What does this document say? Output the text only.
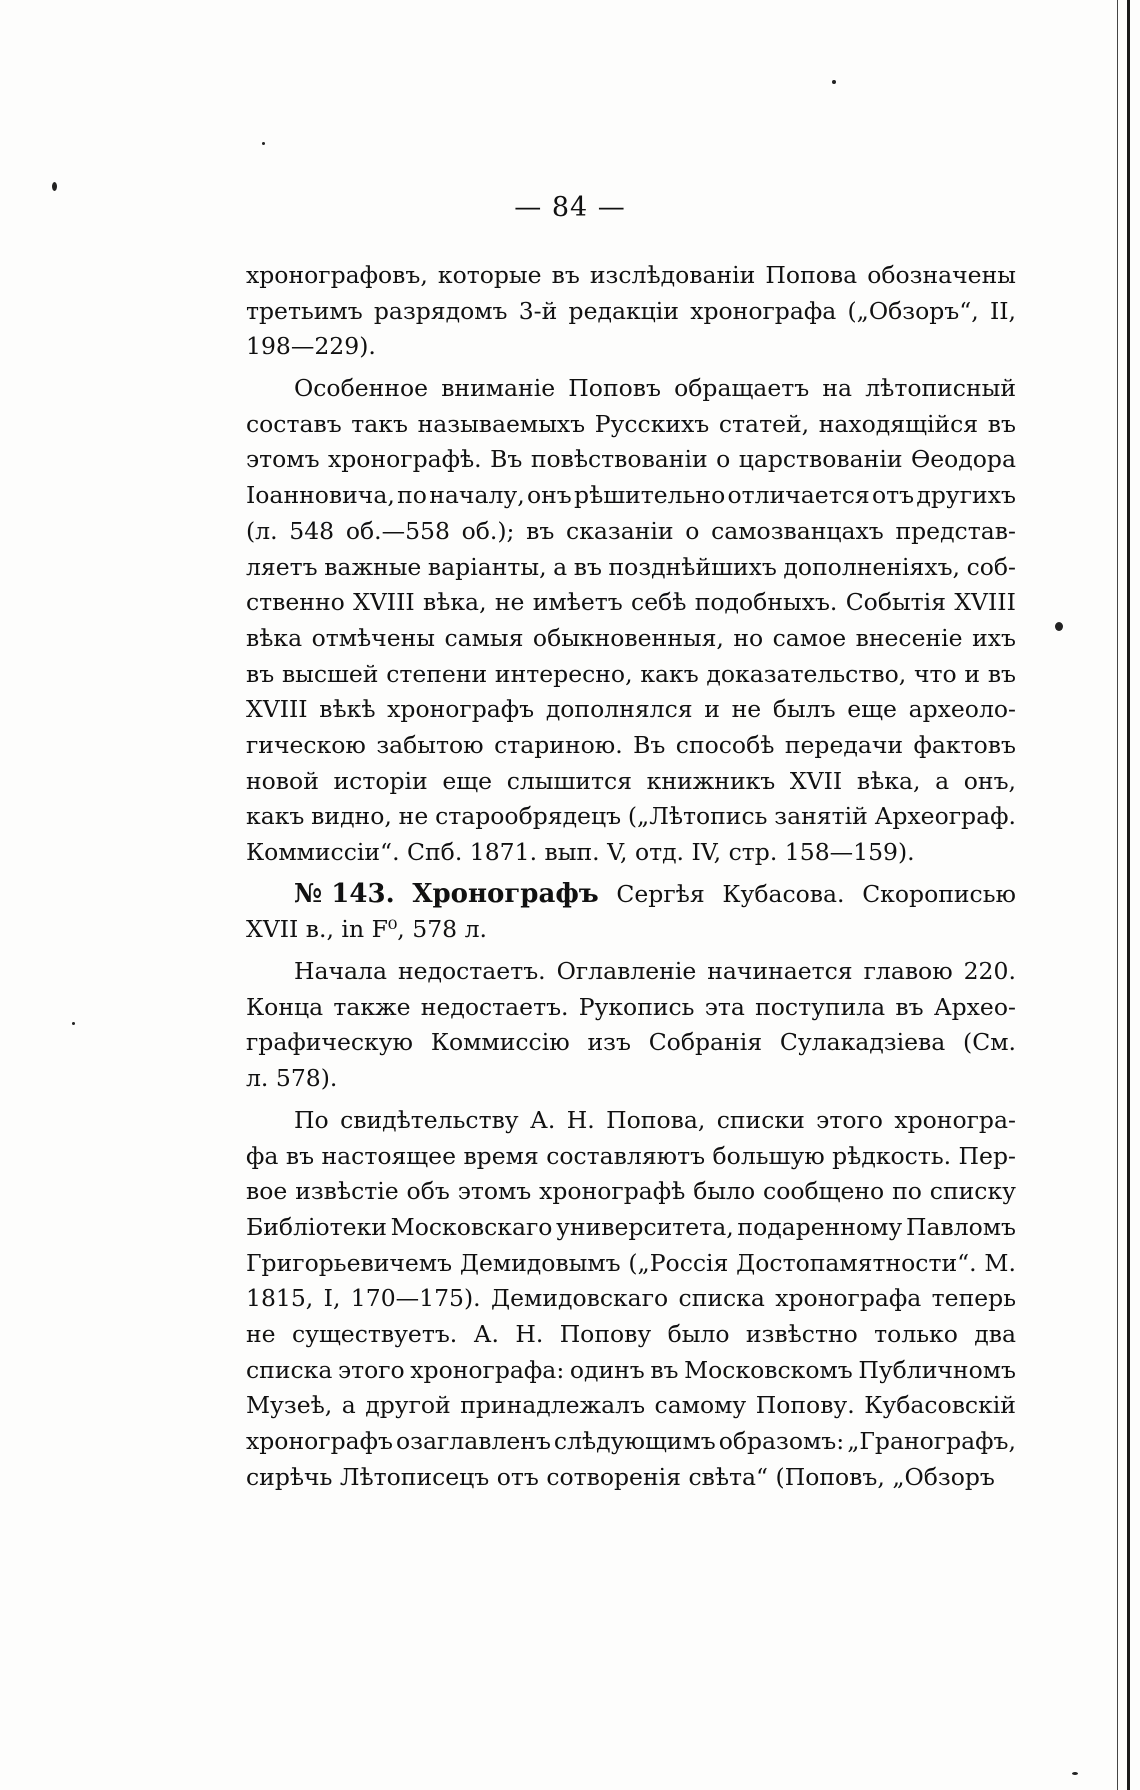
— 84 —
хронографовъ, которые въ изслѣдованіи Попова обозначены
третьимъ разрядомъ 3-й редакціи хронографа („Обзоръ“, II,
198—229).
Особенное вниманіе Поповъ обращаетъ на лѣтописный
составъ такъ называемыхъ Русскихъ статей, находящійся въ
этомъ хронографѣ. Въ повѣствованіи о царствованіи Ѳеодора
Іоанновича, по началу, онъ рѣшительно отличается отъ другихъ
(л. 548 об.—558 об.); въ сказаніи о самозванцахъ представ-
ляетъ важные варіанты, а въ позднѣйшихъ дополненіяхъ, соб-
ственно XVIII вѣка, не имѣетъ себѣ подобныхъ. Событія XVIII
вѣка отмѣчены самыя обыкновенныя, но самое внесеніе ихъ
въ высшей степени интересно, какъ доказательство, что и въ
XVIII вѣкѣ хронографъ дополнялся и не былъ еще археоло-
гическою забытою стариною. Въ способѣ передачи фактовъ
новой исторіи еще слышится книжникъ XVII вѣка, а онъ,
какъ видно, не старообрядецъ („Лѣтопись занятій Археограф.
Коммиссіи“. Спб. 1871. вып. V, отд. IV, стр. 158—159).
№ 143. Хронографъ Сергѣя Кубасова. Скорописью
XVII в., in F⁰, 578 л.
Начала недостаетъ. Оглавленіе начинается главою 220.
Конца также недостаетъ. Рукопись эта поступила въ Архео-
графическую Коммиссію изъ Собранія Сулакадзіева (См.
л. 578).
По свидѣтельству А. Н. Попова, списки этого хроногра-
фа въ настоящее время составляютъ большую рѣдкость. Пер-
вое извѣстіе объ этомъ хронографѣ было сообщено по списку
Библіотеки Московскаго университета, подаренному Павломъ
Григорьевичемъ Демидовымъ („Россія Достопамятности“. М.
1815, I, 170—175). Демидовскаго списка хронографа теперь
не существуетъ. А. Н. Попову было извѣстно только два
списка этого хронографа: одинъ въ Московскомъ Публичномъ
Музеѣ, а другой принадлежалъ самому Попову. Кубасовскій
хронографъ озаглавленъ слѣдующимъ образомъ: „Гранографъ,
сирѣчь Лѣтописецъ отъ сотворенія свѣта“ (Поповъ, „Обзоръ
